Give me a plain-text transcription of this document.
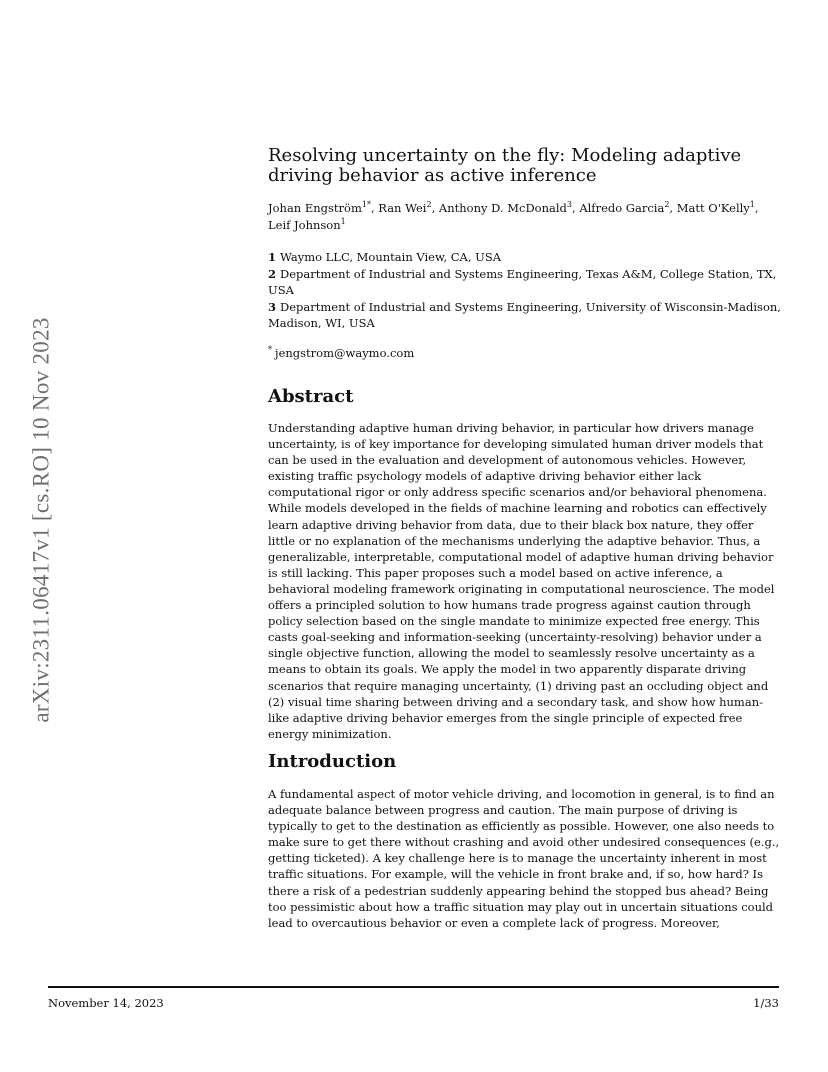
arXiv:2311.06417v1 [cs.RO] 10 Nov 2023
Resolving uncertainty on the fly: Modeling adaptive driving behavior as active inference
Johan Engström$^{1*}$, Ran Wei$^2$, Anthony D. McDonald$^3$, Alfredo Garcia$^2$, Matt O'Kelly$^1$, Leif Johnson$^1$
1 Waymo LLC, Mountain View, CA, USA
2 Department of Industrial and Systems Engineering, Texas A&M, College Station, TX, USA
3 Department of Industrial and Systems Engineering, University of Wisconsin-Madison, Madison, WI, USA
* jengstrom@waymo.com
Abstract

Understanding adaptive human driving behavior, in particular how drivers manage uncertainty, is of key importance for developing simulated human driver models that can be used in the evaluation and development of autonomous vehicles. However, existing traffic psychology models of adaptive driving behavior either lack computational rigor or only address specific scenarios and/or behavioral phenomena. While models developed in the fields of machine learning and robotics can effectively learn adaptive driving behavior from data, due to their black box nature, they offer little or no explanation of the mechanisms underlying the adaptive behavior. Thus, a generalizable, interpretable, computational model of adaptive human driving behavior is still lacking. This paper proposes such a model based on active inference, a behavioral modeling framework originating in computational neuroscience. The model offers a principled solution to how humans trade progress against caution through policy selection based on the single mandate to minimize expected free energy. This casts goal-seeking and information-seeking (uncertainty-resolving) behavior under a single objective function, allowing the model to seamlessly resolve uncertainty as a means to obtain its goals. We apply the model in two apparently disparate driving scenarios that require managing uncertainty, (1) driving past an occluding object and (2) visual time sharing between driving and a secondary task, and show how human-like adaptive driving behavior emerges from the single principle of expected free energy minimization.

Introduction

A fundamental aspect of motor vehicle driving, and locomotion in general, is to find an adequate balance between progress and caution. The main purpose of driving is typically to get to the destination as efficiently as possible. However, one also needs to make sure to get there without crashing and avoid other undesired consequences (e.g., getting ticketed). A key challenge here is to manage the uncertainty inherent in most traffic situations. For example, will the vehicle in front brake and, if so, how hard? Is there a risk of a pedestrian suddenly appearing behind the stopped bus ahead? Being too pessimistic about how a traffic situation may play out in uncertain situations could lead to overcautious behavior or even a complete lack of progress. Moreover,

November 14, 2023	1/33
